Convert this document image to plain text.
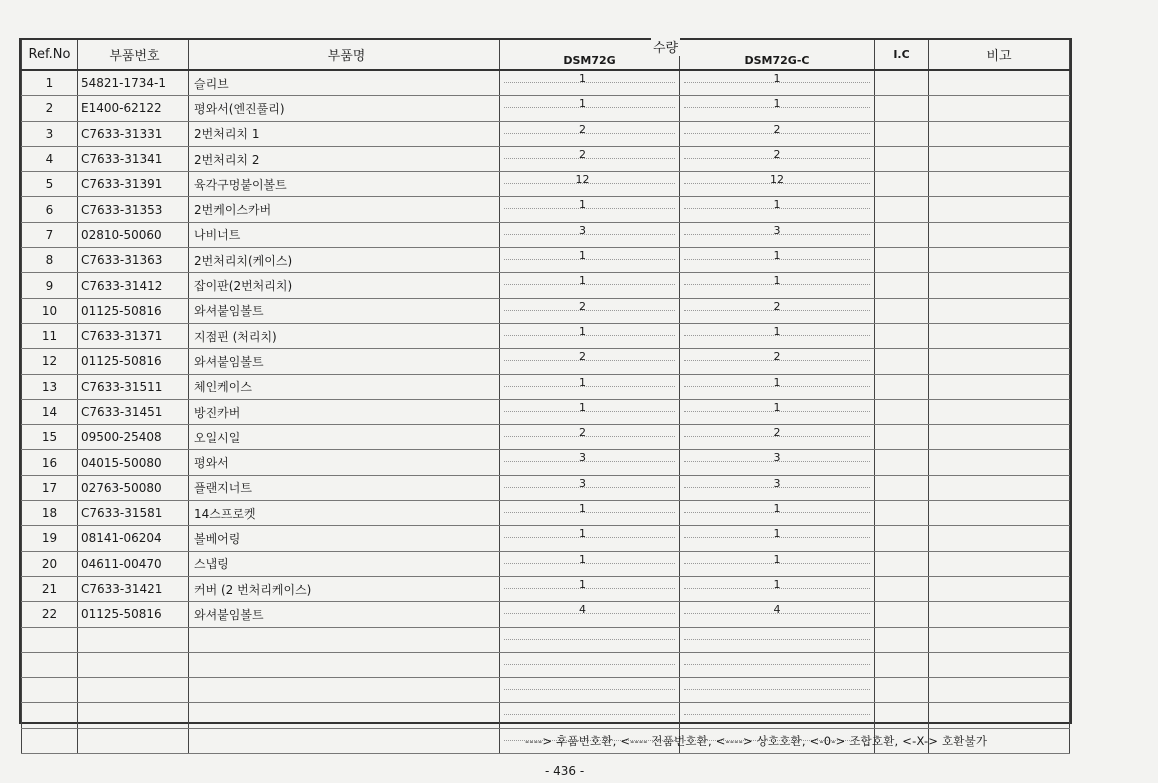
Ref.No	부품번호	부품명	DSM72G	DSM72G-C	I.C	비고
1	54821-1734-1	슬리브	1	1		
2	E1400-62122	평와서(엔진풀리)	1	1		
3	C7633-31331	2번처리치 1	2	2		
4	C7633-31341	2번처리치 2	2	2		
5	C7633-31391	육각구멍붙이볼트	12	12		
6	C7633-31353	2번케이스카버	1	1		
7	02810-50060	나비너트	3	3		
8	C7633-31363	2번처리치(케이스)	1	1		
9	C7633-31412	잡이판(2번처리치)	1	1		
10	01125-50816	와셔붙임볼트	2	2		
11	C7633-31371	지점핀 (처리치)	1	1		
12	01125-50816	와셔붙임볼트	2	2		
13	C7633-31511	체인케이스	1	1		
14	C7633-31451	방진카버	1	1		
15	09500-25408	오일시일	2	2		
16	04015-50080	평와서	3	3		
17	02763-50080	플랜지너트	3	3		
18	C7633-31581	14스프로켓	1	1		
19	08141-06204	볼베어링	1	1		
20	04611-00470	스냅링	1	1		
21	C7633-31421	커버 (2 번처리케이스)	1	1		
22	01125-50816	와셔붙임볼트	4	4		

수량
----> 후품번호환, <---- 전품번호환, <----> 상호호환, <-0-> 조합호환, <-X-> 호환불가
- 436 -
